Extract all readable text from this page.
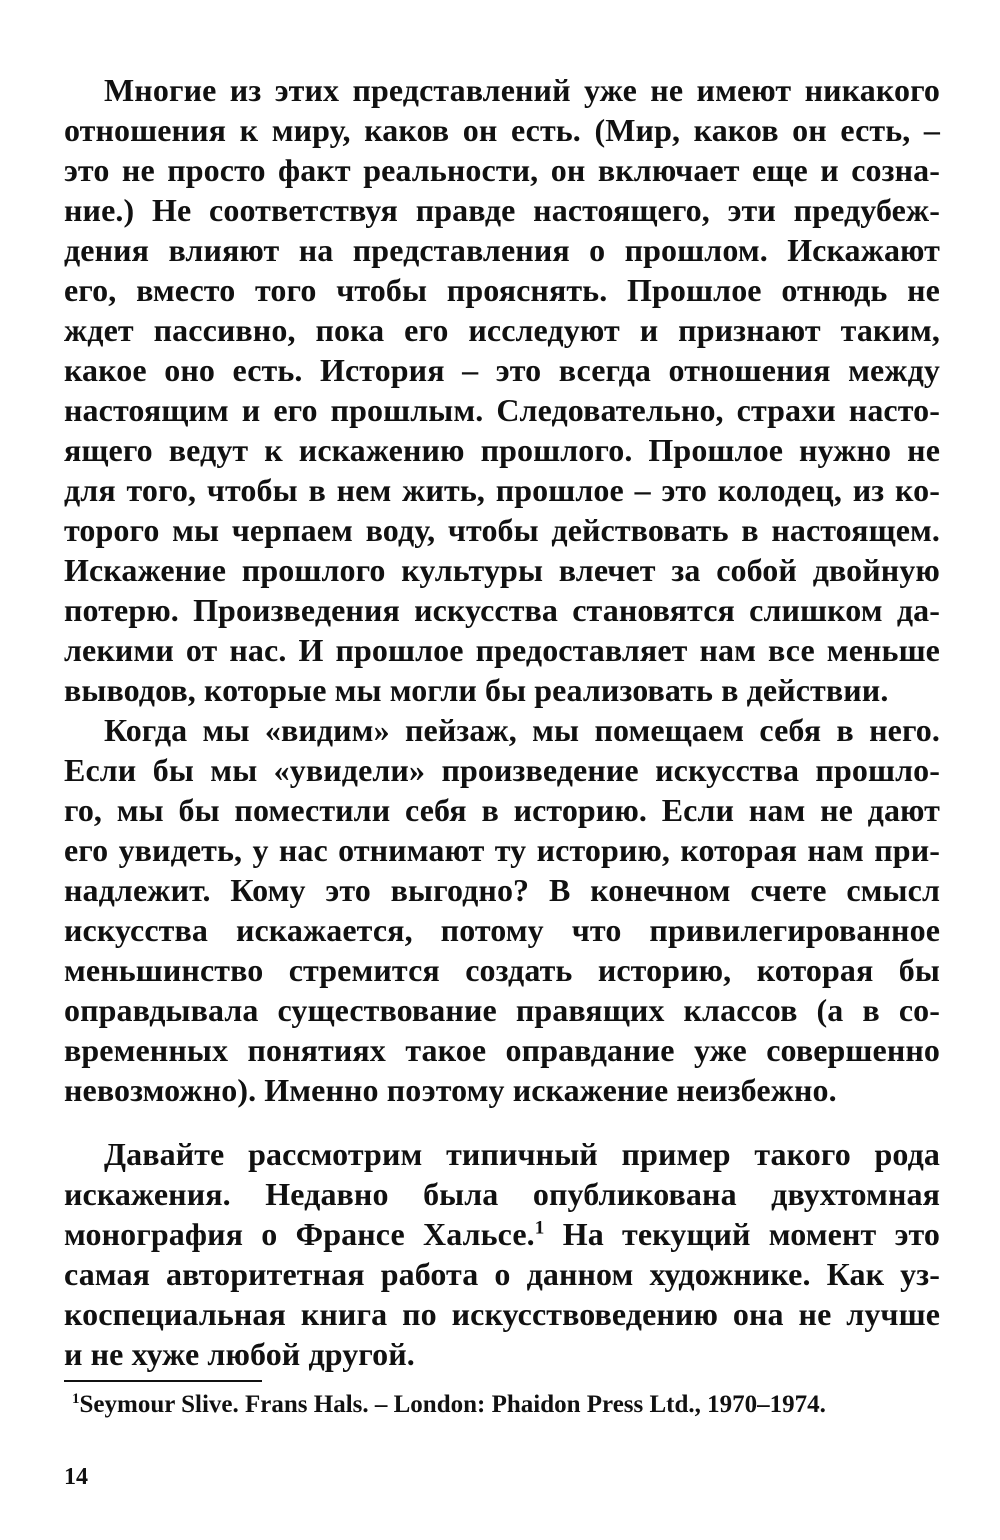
Многие из этих представлений уже не имеют никакого
отношения к миру, каков он есть. (Мир, каков он есть, –
это не просто факт реальности, он включает еще и созна-
ние.) Не соответствуя правде настоящего, эти предубеж-
дения влияют на представления о прошлом. Искажают
его, вместо того чтобы прояснять. Прошлое отнюдь не
ждет пассивно, пока его исследуют и признают таким,
какое оно есть. История – это всегда отношения между
настоящим и его прошлым. Следовательно, страхи насто-
ящего ведут к искажению прошлого. Прошлое нужно не
для того, чтобы в нем жить, прошлое – это колодец, из ко-
торого мы черпаем воду, чтобы действовать в настоящем.
Искажение прошлого культуры влечет за собой двойную
потерю. Произведения искусства становятся слишком да-
лекими от нас. И прошлое предоставляет нам все меньше
выводов, которые мы могли бы реализовать в действии.
Когда мы «видим» пейзаж, мы помещаем себя в него.
Если бы мы «увидели» произведение искусства прошло-
го, мы бы поместили себя в историю. Если нам не дают
его увидеть, у нас отнимают ту историю, которая нам при-
надлежит. Кому это выгодно? В конечном счете смысл
искусства искажается, потому что привилегированное
меньшинство стремится создать историю, которая бы
оправдывала существование правящих классов (а в со-
временных понятиях такое оправдание уже совершенно
невозможно). Именно поэтому искажение неизбежно.
Давайте рассмотрим типичный пример такого рода
искажения. Недавно была опубликована двухтомная
монография о Франсе Хальсе.$^1$ На текущий момент это
самая авторитетная работа о данном художнике. Как уз-
коспециальная книга по искусствоведению она не лучше
и не хуже любой другой.
$^1$Seymour Slive. Frans Hals. – London: Phaidon Press Ltd., 1970–1974.
14
